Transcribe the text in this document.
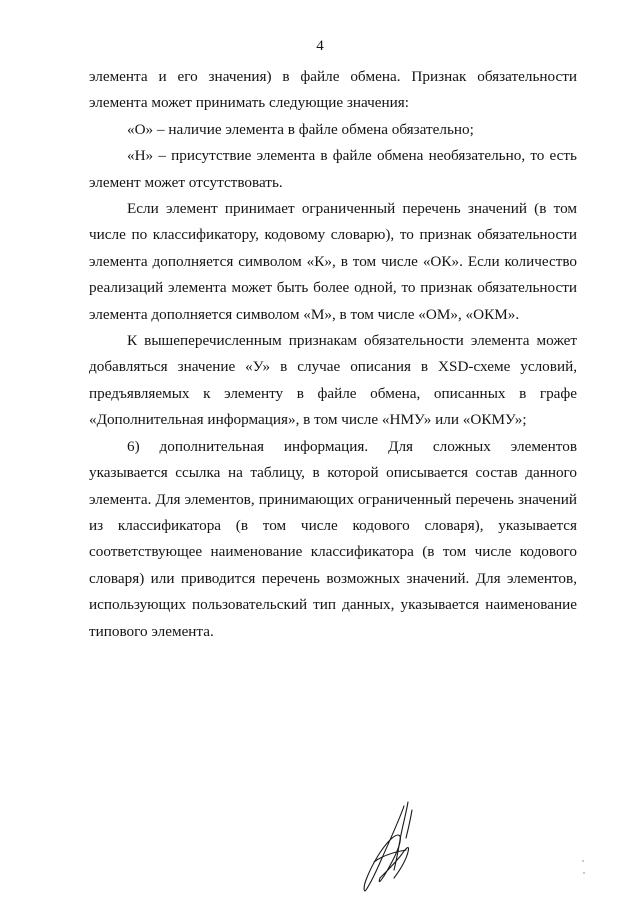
4

элемента и его значения) в файле обмена. Признак обязательности элемента может принимать следующие значения:

«О» – наличие элемента в файле обмена обязательно;

«Н» – присутствие элемента в файле обмена необязательно, то есть элемент может отсутствовать.

Если элемент принимает ограниченный перечень значений (в том числе по классификатору, кодовому словарю), то признак обязательности элемента дополняется символом «К», в том числе «ОК». Если количество реализаций элемента может быть более одной, то признак обязательности элемента дополняется символом «М», в том числе «ОМ», «ОКМ».

К вышеперечисленным признакам обязательности элемента может добавляться значение «У» в случае описания в XSD-схеме условий, предъявляемых к элементу в файле обмена, описанных в графе «Дополнительная информация», в том числе «НМУ» или «ОКМУ»;

6) дополнительная информация. Для сложных элементов указывается ссылка на таблицу, в которой описывается состав данного элемента. Для элементов, принимающих ограниченный перечень значений из классификатора (в том числе кодового словаря), указывается соответствующее наименование классификатора (в том числе кодового словаря) или приводится перечень возможных значений. Для элементов, использующих пользовательский тип данных, указывается наименование типового элемента.
